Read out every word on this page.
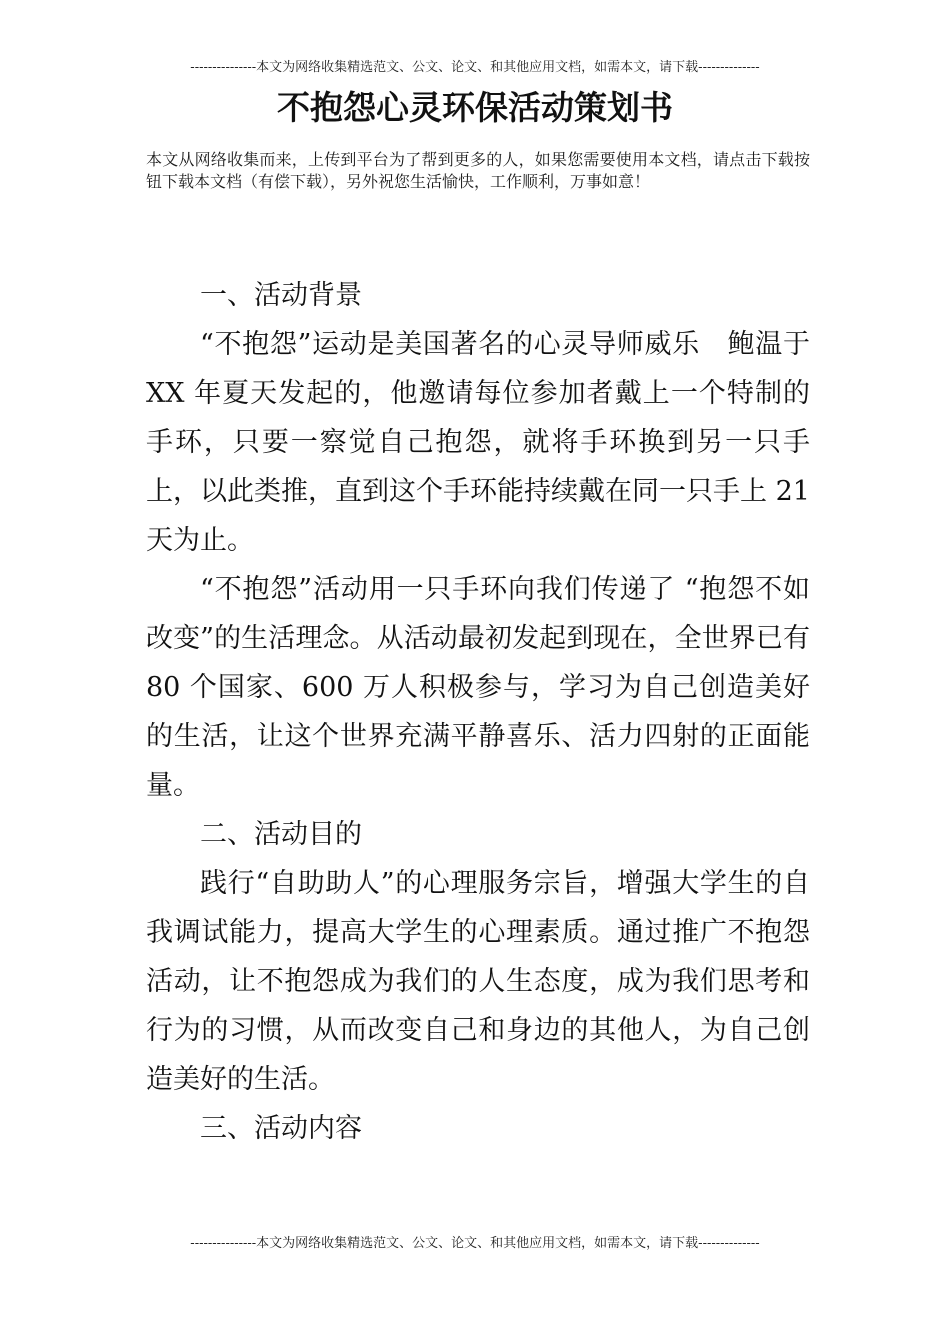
---------------本文为网络收集精选范文、公文、论文、和其他应用文档，如需本文，请下载--------------
不抱怨心灵环保活动策划书

本文从网络收集而来，上传到平台为了帮到更多的人，如果您需要使用本文档，请点击下载按钮下载本文档（有偿下载），另外祝您生活愉快，工作顺利，万事如意！

一、活动背景

“不抱怨”运动是美国著名的心灵导师威乐　鲍温于 XX 年夏天发起的，他邀请每位参加者戴上一个特制的手环，只要一察觉自己抱怨，就将手环换到另一只手上，以此类推，直到这个手环能持续戴在同一只手上 21 天为止。

“不抱怨”活动用一只手环向我们传递了 “抱怨不如改变”的生活理念。从活动最初发起到现在，全世界已有 80 个国家、600 万人积极参与，学习为自己创造美好的生活，让这个世界充满平静喜乐、活力四射的正面能量。

二、活动目的

践行“自助助人”的心理服务宗旨，增强大学生的自我调试能力，提高大学生的心理素质。通过推广不抱怨活动，让不抱怨成为我们的人生态度，成为我们思考和行为的习惯，从而改变自己和身边的其他人，为自己创造美好的生活。

三、活动内容

---------------本文为网络收集精选范文、公文、论文、和其他应用文档，如需本文，请下载--------------
